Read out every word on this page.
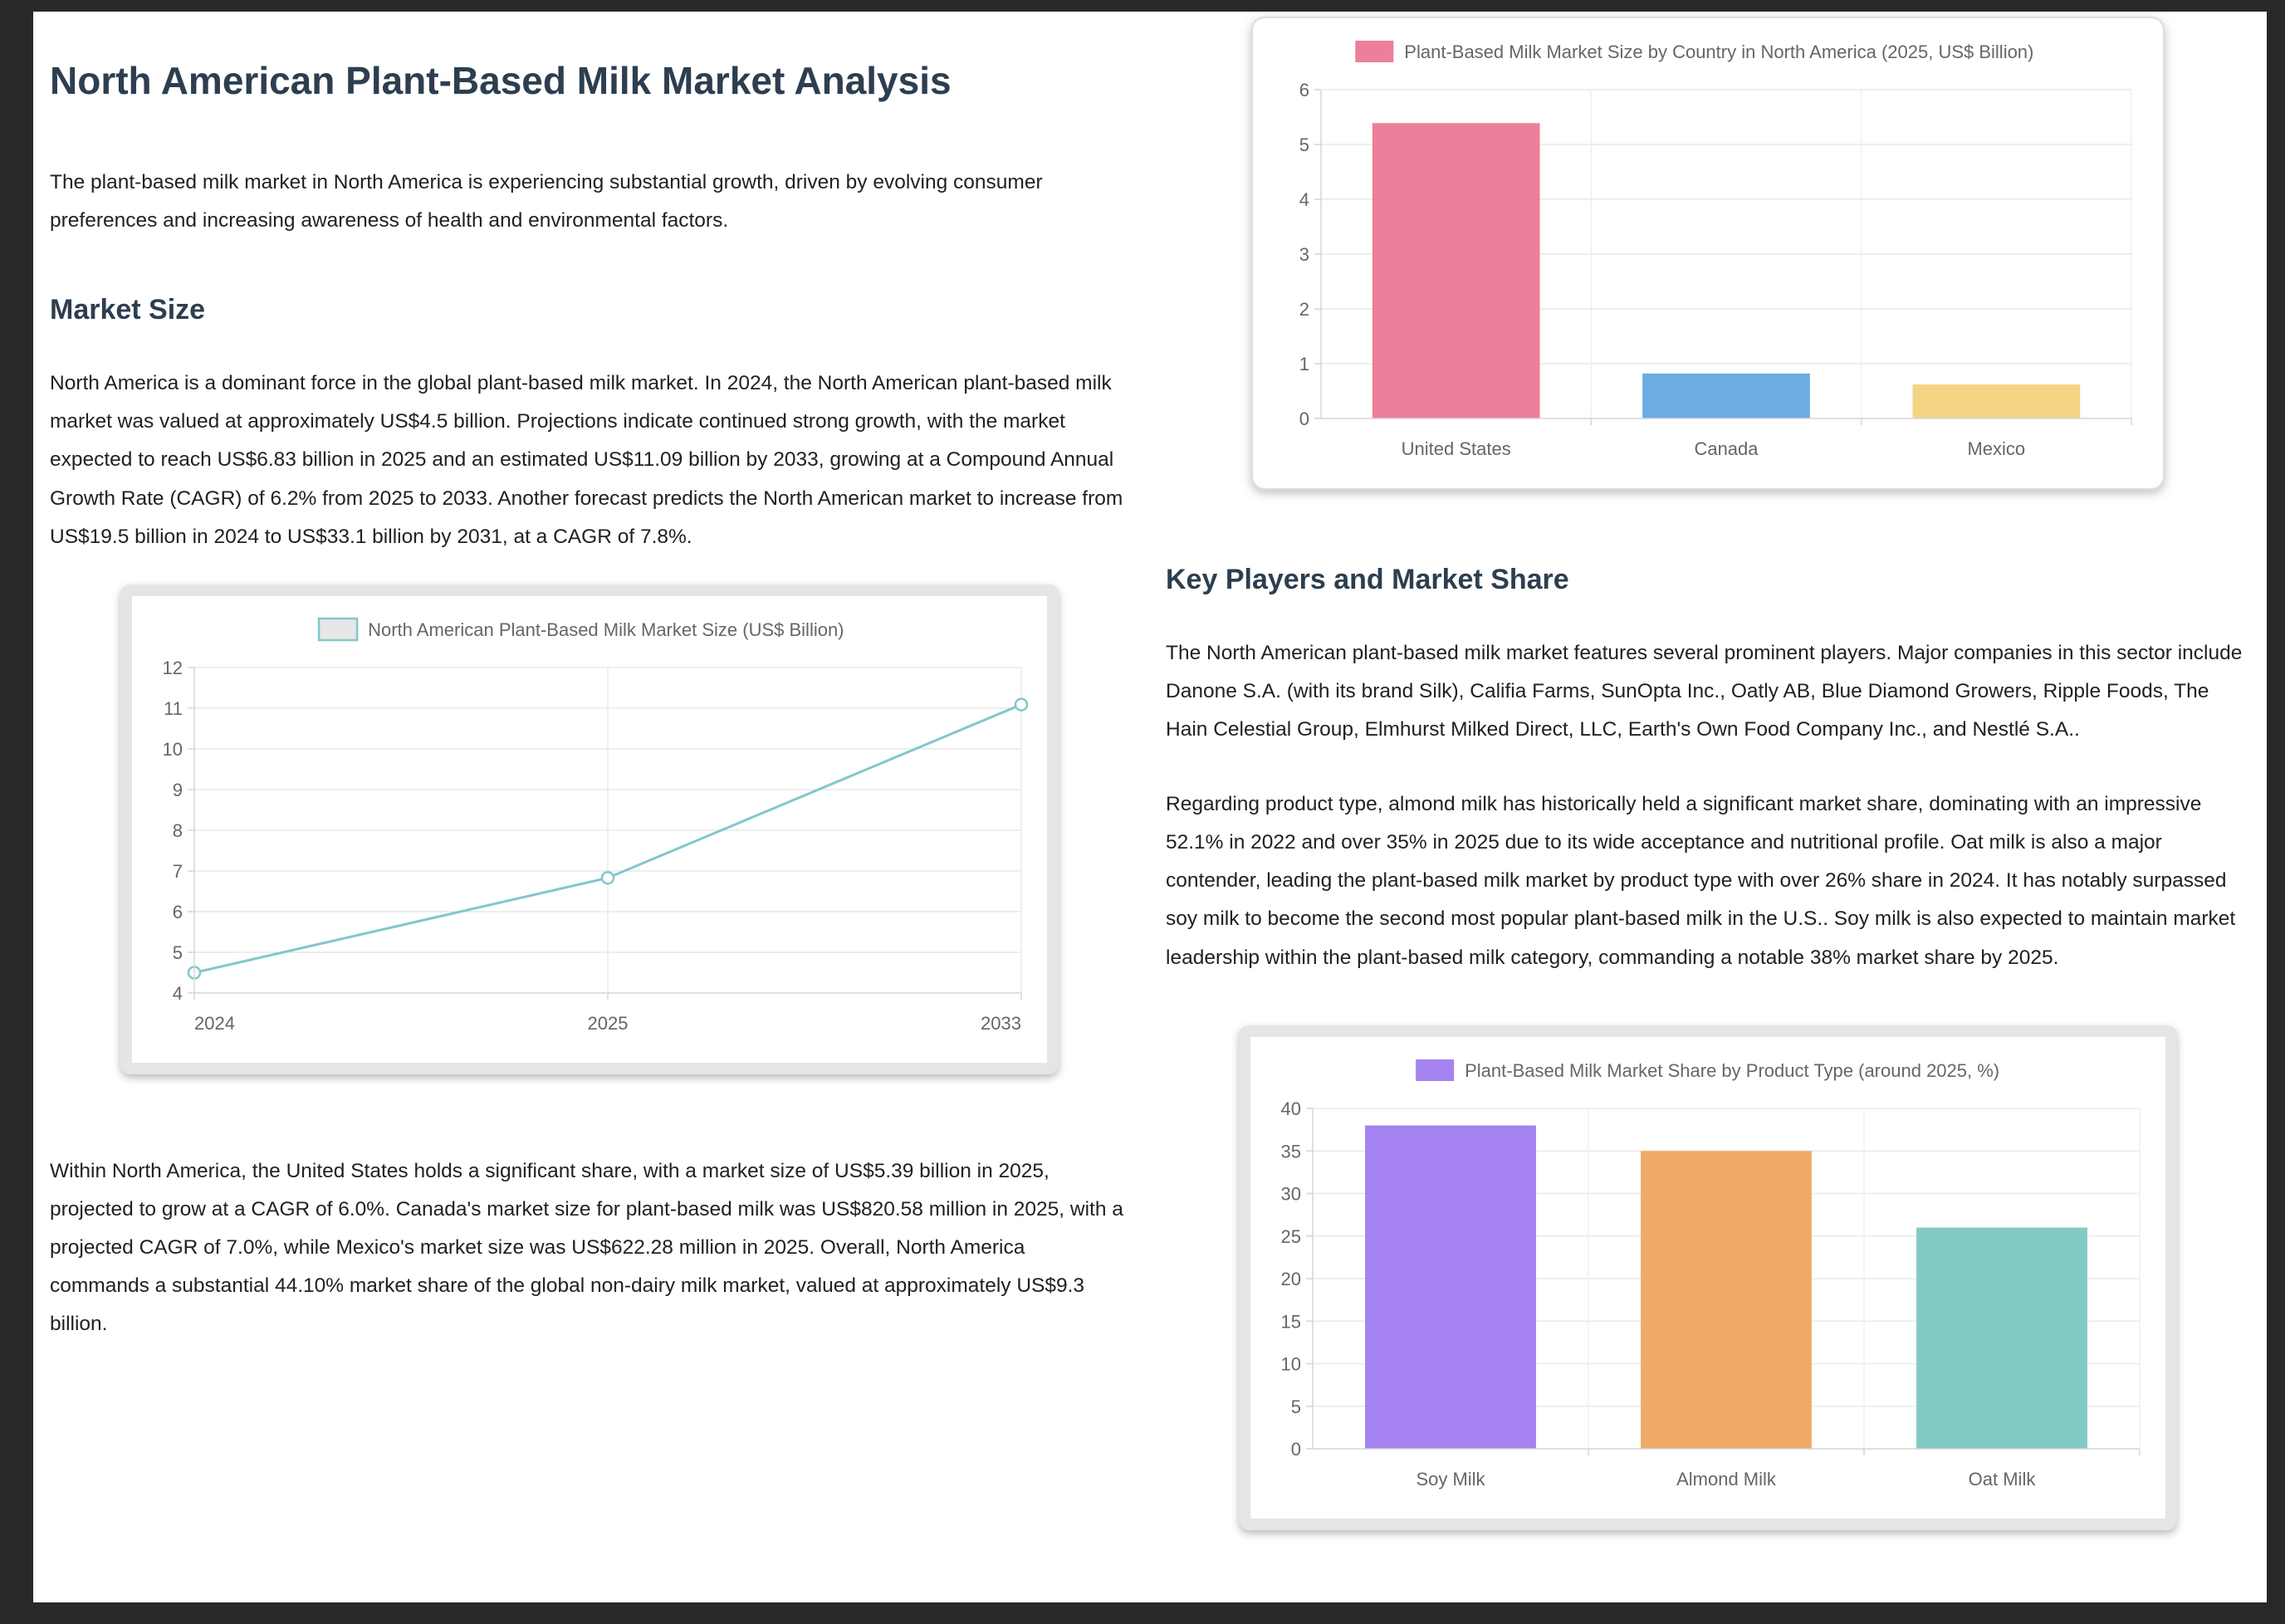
North American Plant-Based Milk Market Analysis

The plant-based milk market in North America is experiencing substantial growth, driven by evolving consumer preferences and increasing awareness of health and environmental factors.

Market Size

North America is a dominant force in the global plant-based milk market. In 2024, the North American plant-based milk market was valued at approximately US$4.5 billion. Projections indicate continued strong growth, with the market expected to reach US$6.83 billion in 2025 and an estimated US$11.09 billion by 2033, growing at a Compound Annual Growth Rate (CAGR) of 6.2% from 2025 to 2033. Another forecast predicts the North American market to increase from US$19.5 billion in 2024 to US$33.1 billion by 2031, at a CAGR of 7.8%.

North American Plant-Based Milk Market Size (US$ Billion)
4
5
6
7
8
9
10
11
12
2024	2025	2033

Within North America, the United States holds a significant share, with a market size of US$5.39 billion in 2025, projected to grow at a CAGR of 6.0%. Canada's market size for plant-based milk was US$820.58 million in 2025, with a projected CAGR of 7.0%, while Mexico's market size was US$622.28 million in 2025. Overall, North America commands a substantial 44.10% market share of the global non-dairy milk market, valued at approximately US$9.3 billion.

Plant-Based Milk Market Size by Country in North America (2025, US$ Billion)
0
1
2
3
4
5
6
United States	Canada	Mexico
Key Players and Market Share

The North American plant-based milk market features several prominent players. Major companies in this sector include Danone S.A. (with its brand Silk), Califia Farms, SunOpta Inc., Oatly AB, Blue Diamond Growers, Ripple Foods, The Hain Celestial Group, Elmhurst Milked Direct, LLC, Earth's Own Food Company Inc., and Nestlé S.A..

Regarding product type, almond milk has historically held a significant market share, dominating with an impressive 52.1% in 2022 and over 35% in 2025 due to its wide acceptance and nutritional profile. Oat milk is also a major contender, leading the plant-based milk market by product type with over 26% share in 2024. It has notably surpassed soy milk to become the second most popular plant-based milk in the U.S.. Soy milk is also expected to maintain market leadership within the plant-based milk category, commanding a notable 38% market share by 2025.

Plant-Based Milk Market Share by Product Type (around 2025, %)
0
5
10
15
20
25
30
35
40
Soy Milk	Almond Milk	Oat Milk
